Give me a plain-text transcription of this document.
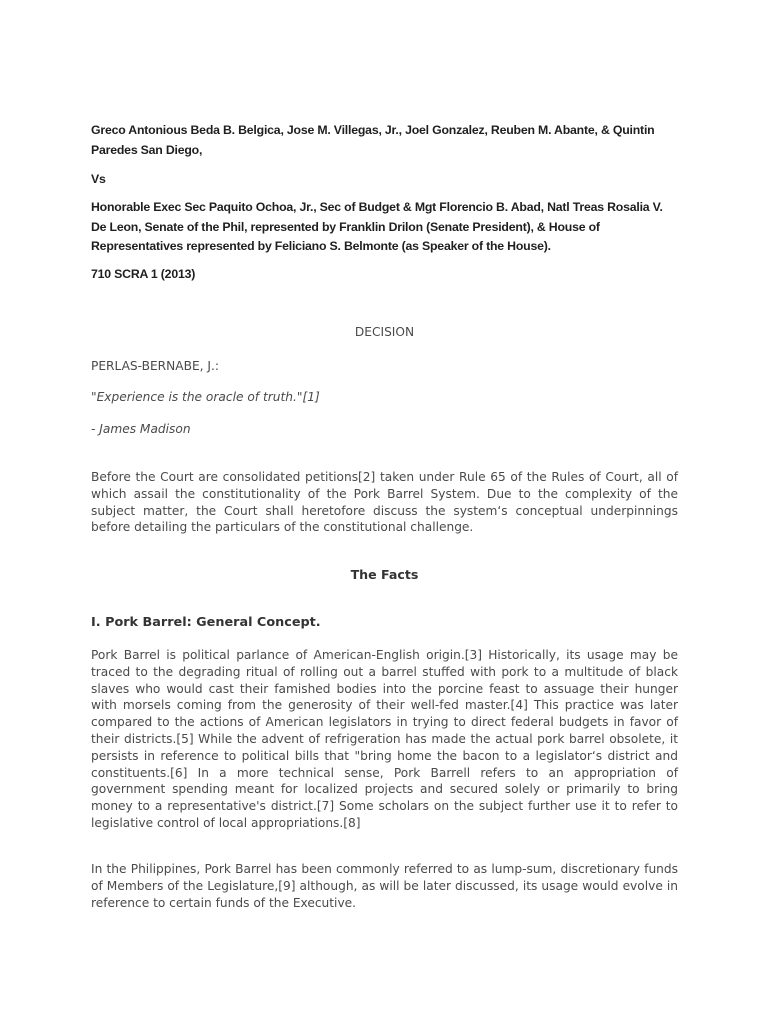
Greco Antonious Beda B. Belgica, Jose M. Villegas, Jr., Joel Gonzalez, Reuben M. Abante, & Quintin Paredes San Diego,

Vs

Honorable Exec Sec Paquito Ochoa, Jr., Sec of Budget & Mgt Florencio B. Abad, Natl Treas Rosalia V. De Leon, Senate of the Phil, represented by Franklin Drilon (Senate President), & House of Representatives represented by Feliciano S. Belmonte (as Speaker of the House).

710 SCRA 1 (2013)

DECISION

PERLAS-BERNABE, J.:

"Experience is the oracle of truth."[1]

- James Madison

Before the Court are consolidated petitions[2] taken under Rule 65 of the Rules of Court, all of which assail the constitutionality of the Pork Barrel System. Due to the complexity of the subject matter, the Court shall heretofore discuss the system‘s conceptual underpinnings before detailing the particulars of the constitutional challenge.

The Facts

I. Pork Barrel: General Concept.

Pork Barrel is political parlance of American-English origin.[3] Historically, its usage may be traced to the degrading ritual of rolling out a barrel stuffed with pork to a multitude of black slaves who would cast their famished bodies into the porcine feast to assuage their hunger with morsels coming from the generosity of their well-fed master.[4] This practice was later compared to the actions of American legislators in trying to direct federal budgets in favor of their districts.[5] While the advent of refrigeration has made the actual pork barrel obsolete, it persists in reference to political bills that "bring home the bacon to a legislator‘s district and constituents.[6] In a more technical sense, Pork Barrell refers to an appropriation of government spending meant for localized projects and secured solely or primarily to bring money to a representative's district.[7] Some scholars on the subject further use it to refer to legislative control of local appropriations.[8]

In the Philippines, Pork Barrel has been commonly referred to as lump-sum, discretionary funds of Members of the Legislature,[9] although, as will be later discussed, its usage would evolve in reference to certain funds of the Executive.
